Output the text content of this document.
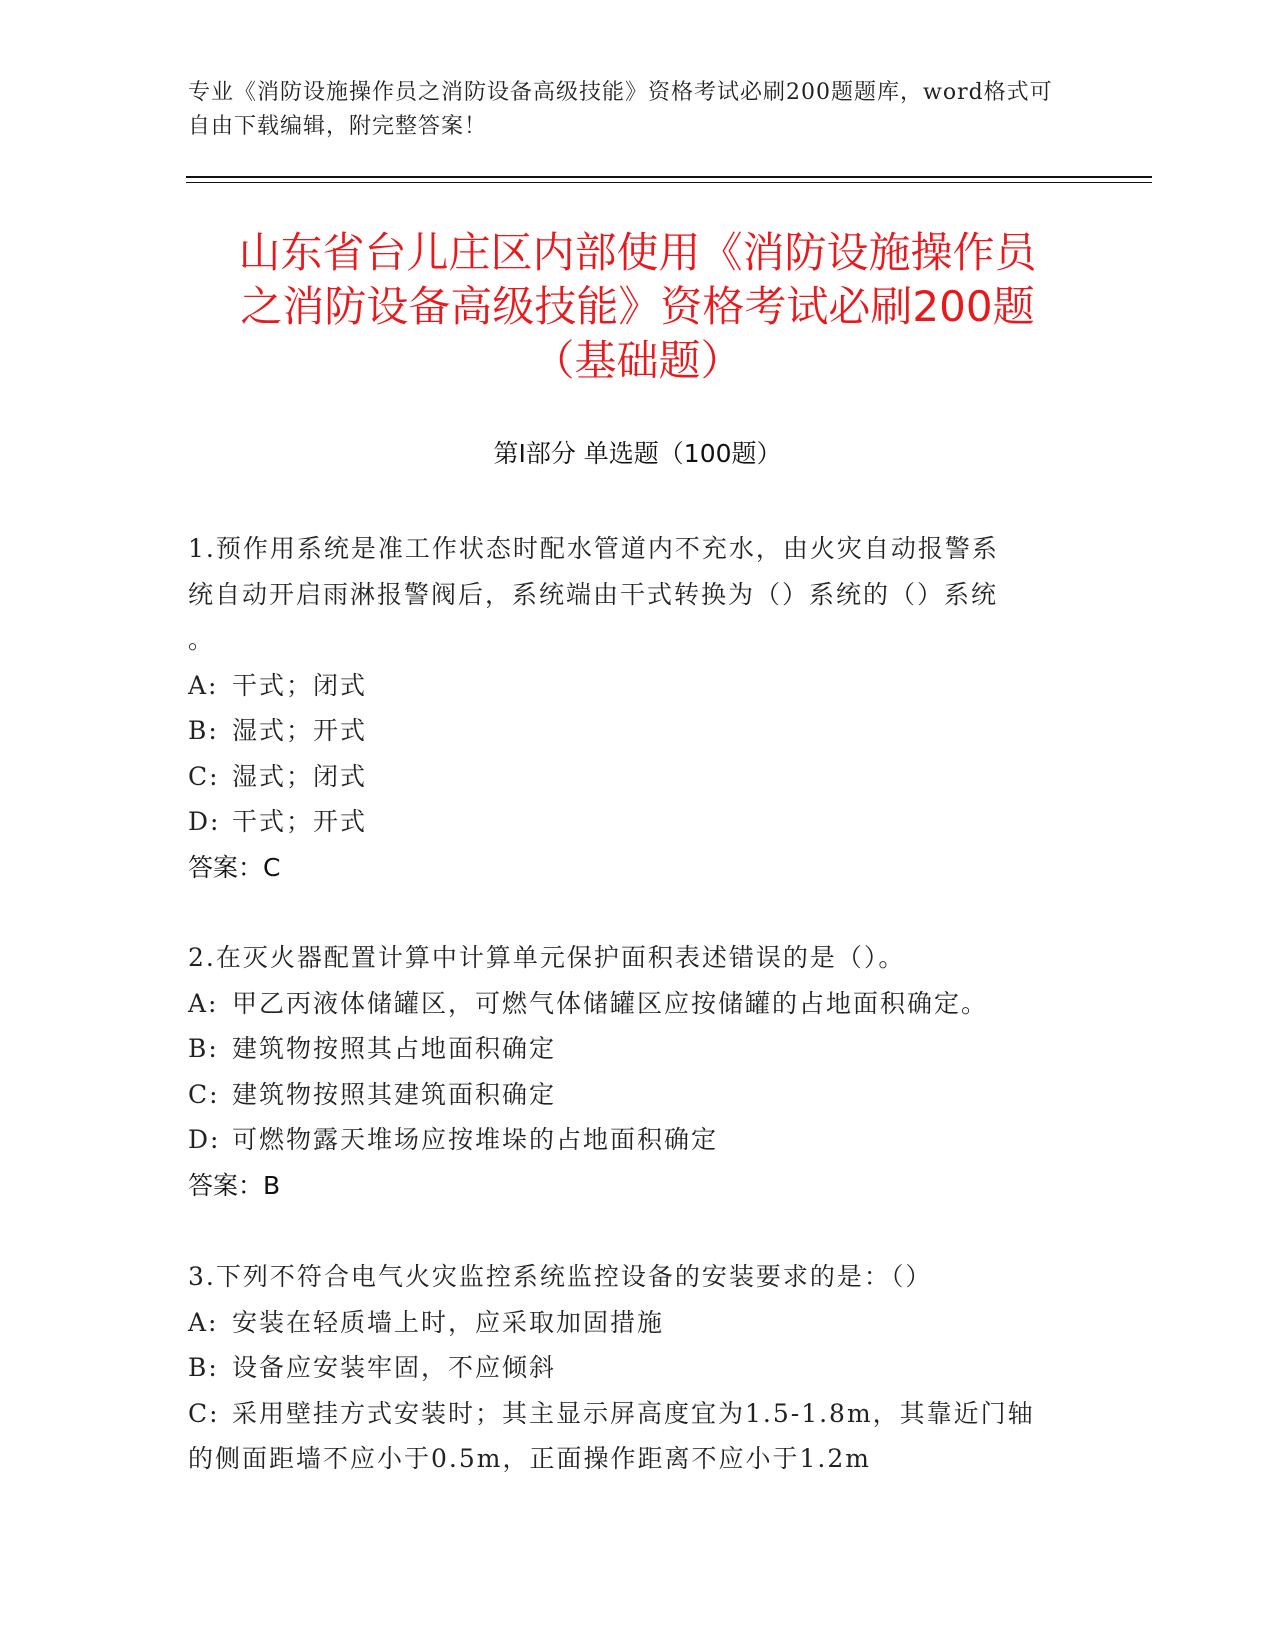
专业《消防设施操作员之消防设备高级技能》资格考试必刷200题题库，word格式可自由下载编辑，附完整答案！
山东省台儿庄区内部使用《消防设施操作员
之消防设备高级技能》资格考试必刷200题
（基础题）
第Ⅰ部分 单选题（100题）
1.预作用系统是准工作状态时配水管道内不充水，由火灾自动报警系
统自动开启雨淋报警阀后，系统端由干式转换为（）系统的（）系统
。
A: 干式；闭式
B: 湿式；开式
C: 湿式；闭式
D: 干式；开式
答案：C
2.在灭火器配置计算中计算单元保护面积表述错误的是（）。
A: 甲乙丙液体储罐区，可燃气体储罐区应按储罐的占地面积确定。
B: 建筑物按照其占地面积确定
C: 建筑物按照其建筑面积确定
D: 可燃物露天堆场应按堆垛的占地面积确定
答案：B
3.下列不符合电气火灾监控系统监控设备的安装要求的是：（）
A: 安装在轻质墙上时，应采取加固措施
B: 设备应安装牢固，不应倾斜
C: 采用壁挂方式安装时；其主显示屏高度宜为1.5-1.8m，其靠近门轴
的侧面距墙不应小于0.5m，正面操作距离不应小于1.2m
